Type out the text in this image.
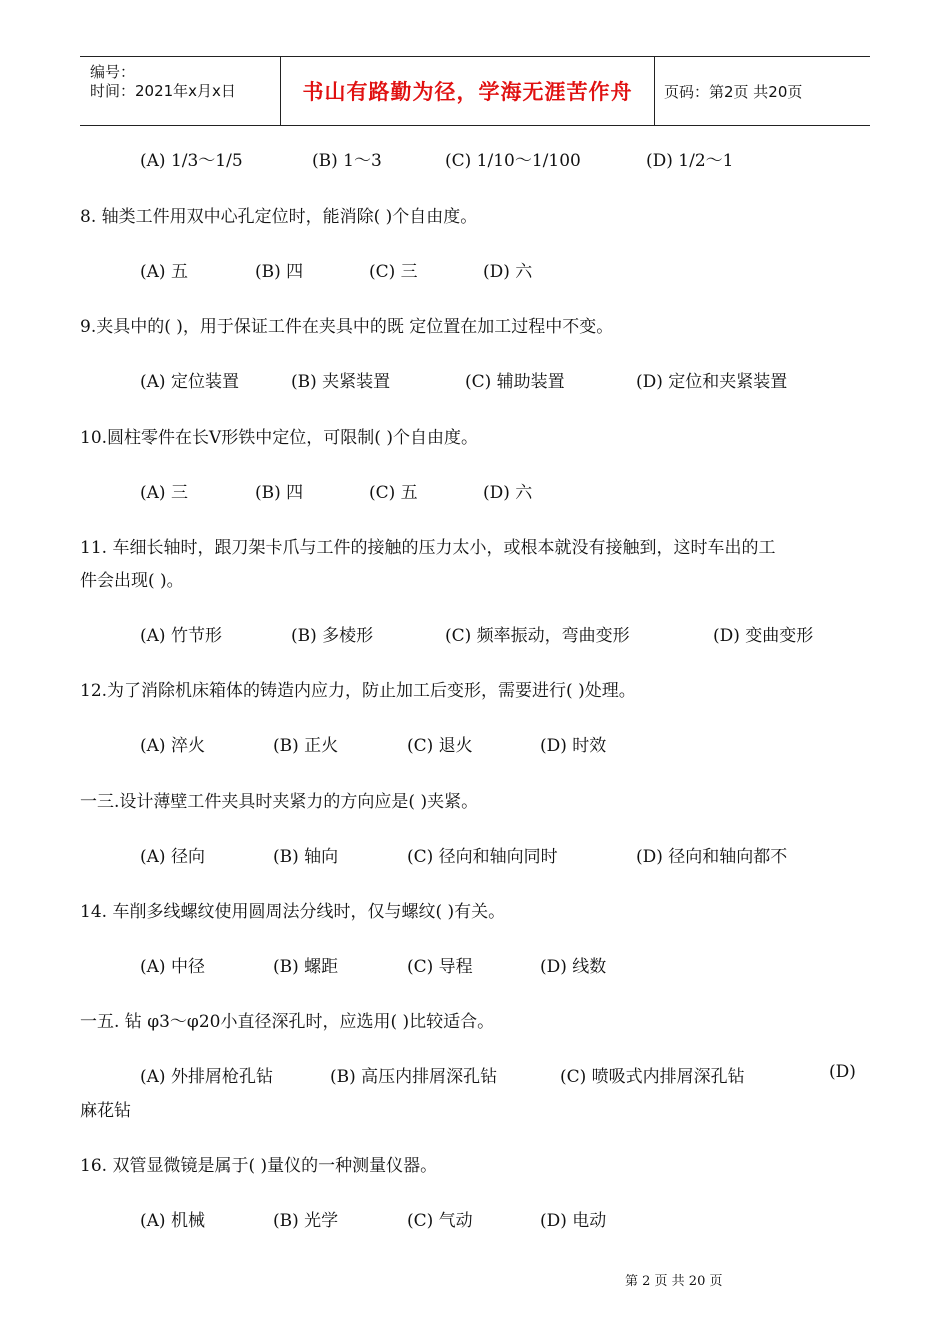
编号：
时间：2021年x月x日	书山有路勤为径，学海无涯苦作舟	页码：第2页 共20页
(A) 1/3～1/5	(B) 1～3	(C) 1/10～1/100	(D) 1/2～1
8. 轴类工件用双中心孔定位时，能消除( )个自由度。
(A) 五	(B) 四	(C) 三	(D) 六
9.夹具中的( )，用于保证工件在夹具中的既 定位置在加工过程中不变。
(A) 定位装置	(B) 夹紧装置	(C) 辅助装置	(D) 定位和夹紧装置
10.圆柱零件在长V形铁中定位，可限制( )个自由度。
(A) 三	(B) 四	(C) 五	(D) 六
11. 车细长轴时，跟刀架卡爪与工件的接触的压力太小，或根本就没有接触到，这时车出的工
件会出现( )。
(A) 竹节形	(B) 多棱形	(C) 频率振动，弯曲变形	(D) 变曲变形
12.为了消除机床箱体的铸造内应力，防止加工后变形，需要进行( )处理。
(A) 淬火	(B) 正火	(C) 退火	(D) 时效
一三.设计薄壁工件夹具时夹紧力的方向应是( )夹紧。
(A) 径向	(B) 轴向	(C) 径向和轴向同时	(D) 径向和轴向都不
14. 车削多线螺纹使用圆周法分线时，仅与螺纹( )有关。
(A) 中径	(B) 螺距	(C) 导程	(D) 线数
一五. 钻 φ3～φ20小直径深孔时，应选用( )比较适合。
(A) 外排屑枪孔钻	(B) 高压内排屑深孔钻	(C) 喷吸式内排屑深孔钻	(D)
麻花钻
16. 双管显微镜是属于( )量仪的一种测量仪器。
(A) 机械	(B) 光学	(C) 气动	(D) 电动
第 2 页 共 20 页
